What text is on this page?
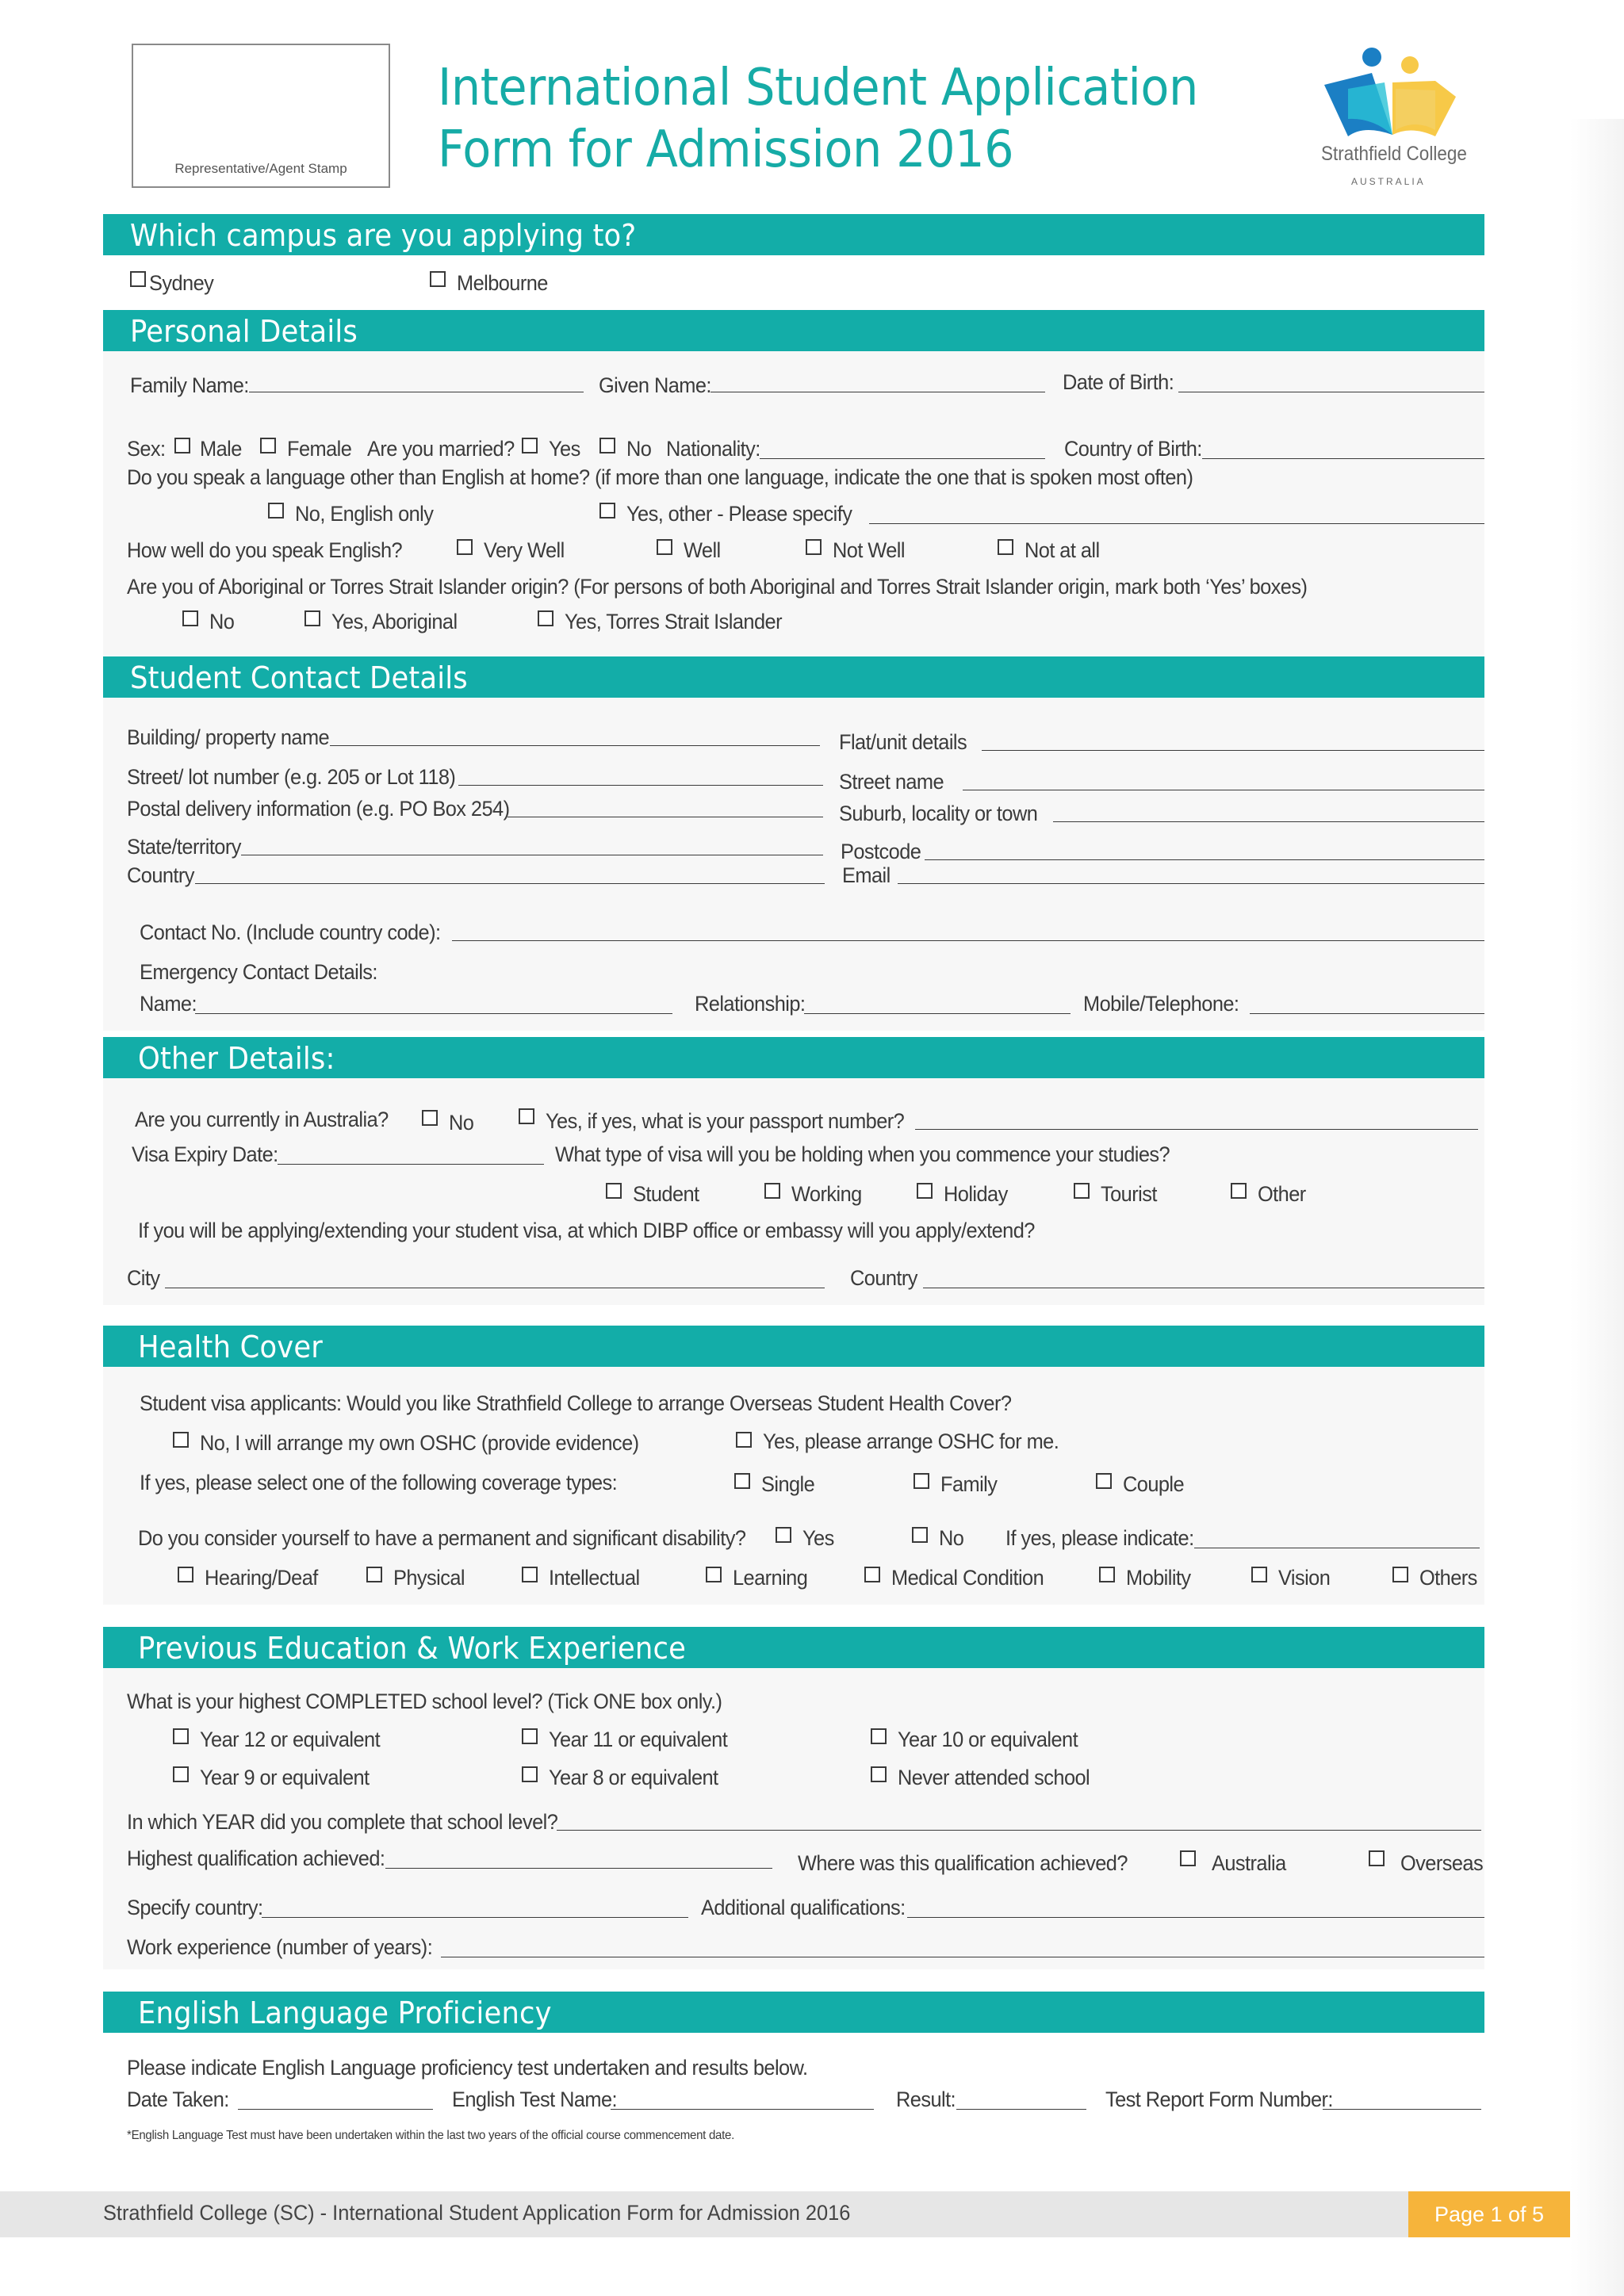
Representative/Agent Stamp
International Student Application
Form for Admission 2016	Strathfield College
AUSTRALIA
Which campus are you applying to?
Sydney	Melbourne
Personal Details
Family Name:	Given Name:	Date of Birth:
Sex: Male Female Are you married? Yes No Nationality:	Country of Birth:
Do you speak a language other than English at home? (if more than one language, indicate the one that is spoken most often)
No, English only	Yes, other - Please specify
How well do you speak English?	Very Well	Well	Not Well	Not at all
Are you of Aboriginal or Torres Strait Islander origin? (For persons of both Aboriginal and Torres Strait Islander origin, mark both ‘Yes’ boxes)
No	Yes, Aboriginal	Yes, Torres Strait Islander
Student Contact Details
Building/ property name	Flat/unit details
Street/ lot number (e.g. 205 or Lot 118)	Street name
Postal delivery information (e.g. PO Box 254)	Suburb, locality or town
State/territory	Postcode
Country	Email
Contact No. (Include country code):
Emergency Contact Details:
Name:	Relationship:	Mobile/Telephone:
Other Details:
Are you currently in Australia?	No	Yes, if yes, what is your passport number?
Visa Expiry Date:	What type of visa will you be holding when you commence your studies?
Student	Working	Holiday	Tourist	Other
If you will be applying/extending your student visa, at which DIBP office or embassy will you apply/extend?
City	Country
Health Cover
Student visa applicants: Would you like Strathfield College to arrange Overseas Student Health Cover?
No, I will arrange my own OSHC (provide evidence)	Yes, please arrange OSHC for me.
If yes, please select one of the following coverage types:	Single	Family	Couple
Do you consider yourself to have a permanent and significant disability?	Yes	No If yes, please indicate:
Hearing/Deaf	Physical	Intellectual	Learning	Medical Condition	Mobility	Vision	Others
Previous Education & Work Experience
What is your highest COMPLETED school level? (Tick ONE box only.)
Year 12 or equivalent	Year 11 or equivalent	Year 10 or equivalent
Year 9 or equivalent	Year 8 or equivalent	Never attended school
In which YEAR did you complete that school level?
Highest qualification achieved:	Where was this qualification achieved?	Australia	Overseas
Specify country:	Additional qualifications:
Work experience (number of years):
English Language Proficiency
Please indicate English Language proficiency test undertaken and results below.
Date Taken:	English Test Name:	Result:	Test Report Form Number:
*English Language Test must have been undertaken within the last two years of the official course commencement date.
Strathfield College (SC) - International Student Application Form for Admission 2016	Page 1 of 5
